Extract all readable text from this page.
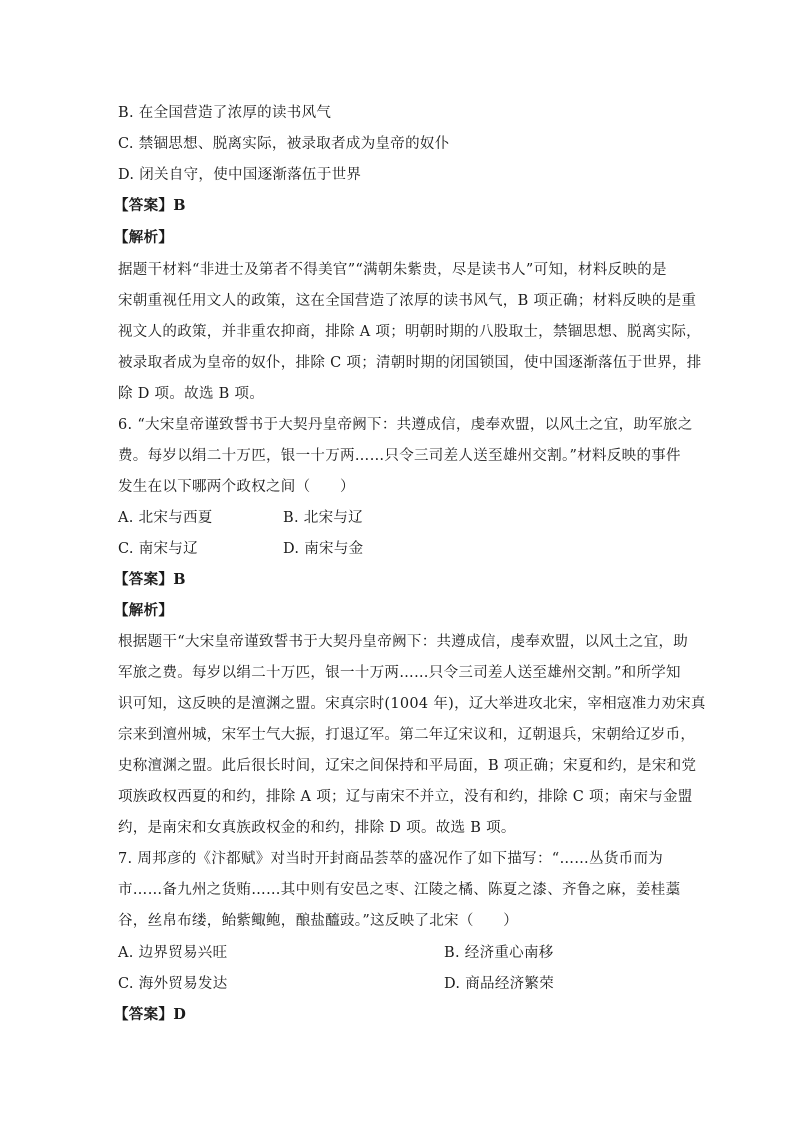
B. 在全国营造了浓厚的读书风气
C. 禁锢思想、脱离实际，被录取者成为皇帝的奴仆
D. 闭关自守，使中国逐渐落伍于世界
【答案】B
【解析】
据题干材料“非进士及第者不得美官”“满朝朱紫贵，尽是读书人”可知，材料反映的是
宋朝重视任用文人的政策，这在全国营造了浓厚的读书风气，B 项正确；材料反映的是重
视文人的政策，并非重农抑商，排除 A 项；明朝时期的八股取士，禁锢思想、脱离实际，
被录取者成为皇帝的奴仆，排除 C 项；清朝时期的闭国锁国，使中国逐渐落伍于世界，排
除 D 项。故选 B 项。
6. “大宋皇帝谨致誓书于大契丹皇帝阙下：共遵成信，虔奉欢盟，以风土之宜，助军旅之
费。每岁以绢二十万匹，银一十万两……只令三司差人送至雄州交割。”材料反映的事件
发生在以下哪两个政权之间（　　）
A. 北宋与西夏	B. 北宋与辽
C. 南宋与辽	D. 南宋与金
【答案】B
【解析】
根据题干“大宋皇帝谨致誓书于大契丹皇帝阙下：共遵成信，虔奉欢盟，以风土之宜，助
军旅之费。每岁以绢二十万匹，银一十万两……只令三司差人送至雄州交割。”和所学知
识可知，这反映的是澶渊之盟。宋真宗时(1004 年)，辽大举进攻北宋，宰相寇准力劝宋真
宗来到澶州城，宋军士气大振，打退辽军。第二年辽宋议和，辽朝退兵，宋朝给辽岁币，
史称澶渊之盟。此后很长时间，辽宋之间保持和平局面，B 项正确；宋夏和约，是宋和党
项族政权西夏的和约，排除 A 项；辽与南宋不并立，没有和约，排除 C 项；南宋与金盟
约，是南宋和女真族政权金的和约，排除 D 项。故选 B 项。
7. 周邦彦的《汴都赋》对当时开封商品荟萃的盛况作了如下描写：“……丛货币而为
市……备九州之货贿……其中则有安邑之枣、江陵之橘、陈夏之漆、齐鲁之麻，姜桂藁
谷，丝帛布缕，鲐紫鲰鲍，酿盐醯豉。”这反映了北宋（　　）
A. 边界贸易兴旺	B. 经济重心南移
C. 海外贸易发达	D. 商品经济繁荣
【答案】D
